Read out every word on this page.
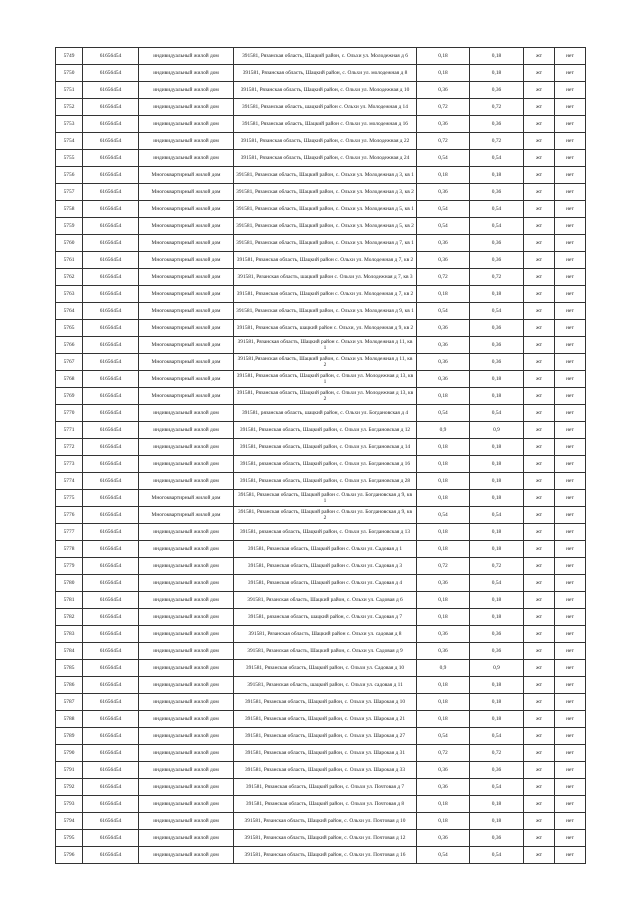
5749	61656454	индивидуальный жилой дом	391581, Рязанская область, Шацкий район, с. Ольхи ул. Молодежная д 6	0,18	0,18	жт	нет
5750	61656454	индивидуальный жилой дом	391581, Рязанская область, Шацкий район, с. Ольхи ул. молодежная д 8	0,18	0,18	жт	нет
5751	61656454	индивидуальный жилой дом	391581, Рязанская область, Шацкий район, с. Ольхи ул. Молодежная д 10	0,36	0,36	жт	нет
5752	61656454	индивидуальный жилой дом	391581, Рязанская область, шацкий район с. Ольхи ул. Молодежная д 14	0,72	0,72	жт	нет
5753	61656454	индивидуальный жилой дом	391581, Рязанская область, Шацкий район с. Ольхи ул. молодежная д 16	0,36	0,36	жт	нет
5754	61656454	индивидуальный жилой дом	391581, Рязанская область, Шацкий район, с. Ольхи ул. Молодежная д 22	0,72	0,72	жт	нет
5755	61656454	индивидуальный жилой дом	391581, Рязанская область, Шацкий район, с. Ольхи ул. Молодежная д 24	0,54	0,54	жт	нет
5756	61656454	Многоквартирный жилой дом	391581, Рязанская область, Шацкий район, с. Ольхи ул. Молодежная д 3, кв 1	0,18	0,18	жт	нет
5757	61656454	Многоквартирный жилой дом	391581, Рязанская область, Шацкий район, с. Ольхи ул. Молодежная д 3, кв 2	0,36	0,36	жт	нет
5758	61656454	Многоквартирный жилой дом	391581, Рязанская область, Шацкий район, с. Ольхи ул. Молодежная д 5, кв 1	0,54	0,54	жт	нет
5759	61656454	Многоквартирный жилой дом	391581, Рязанская область, Шацкий район, с. Ольхи ул. Молодежная д 5, кв 2	0,54	0,54	жт	нет
5760	61656454	Многоквартирный жилой дом	391581, Рязанская область, Шацкий район, с. Ольхи ул. Молодежная д 7, кв 1	0,36	0,36	жт	нет
5761	61656454	Многоквартирный жилой дом	391581, Рязанская область, Шацкий район с. Ольхи ул. Молодежная д 7, кв 2	0,36	0,36	жт	нет
5762	61656454	Многоквартирный жилой дом	391581, Рязанская область, шацкий район с. Ольхи ул. Молодежная д 7, кв 3	0,72	0,72	жт	нет
5763	61656454	Многоквартирный жилой дом	391581, Рязанская область, Шацкий район с. Ольхи ул. Молодежная д 7, кв 2	0,18	0,18	жт	нет
5764	61656454	Многоквартирный жилой дом	391581, Рязанская область, Шацкий район, с. Ольхи ул. Молодежная д 9, кв 1	0,54	0,54	жт	нет
5765	61656454	Многоквартирный жилой дом	391581, Рязанская область, шацкий район с. Ольхи, ул. Молодежная д 9, кв 2	0,36	0,36	жт	нет
5766	61656454	Многоквартирный жилой дом	391581, Рязанская область, Шацкий район с. Ольхи ул. Молодежная д 11, кв 1	0,36	0,36	жт	нет
5767	61656454	Многоквартирный жилой дом	391581,Рязанская область, Шацкий район, с. Ольхи ул. Молодежная д 11, кв 2	0,36	0,36	жт	нет
5768	61656454	Многоквартирный жилой дом	391581, Рязанская область, Шацкий район, с. Ольхи ул. Молодежная д 13, кв 1	0,36	0,18	жт	нет
5769	61656454	Многоквартирный жилой дом	391581, Рязанская область, Шацкий район, с. Ольхи ул. Молодежная д 13, кв 2	0,18	0,18	жт	нет
5770	61656454	индивидуальный жилой дом	391581, рязанская область, шацкий район, с. Ольхи ул. Богдановская д 4	0,54	0,54	жт	нет
5771	61656454	индивидуальный жилой дом	391581, Рязанская область, Шацкий район, с. Ольхи ул. Богдановская д 12	0,9	0,9	жт	нет
5772	61656454	индивидуальный жилой дом	391581, Рязанская область, Шацкий район, с. Ольхи ул. Богдановская д 14	0,18	0,18	жт	нет
5773	61656454	индивидуальный жилой дом	391581, рязанская область, Шацкий район, с. Ольхи ул. Богдановская д 16	0,18	0,18	жт	нет
5774	61656454	индивидуальный жилой дом	391581, Рязанская область, Шацкий район, с. Ольхи ул. Богдановская д 28	0,18	0,18	жт	нет
5775	61656454	Многоквартирный жилой дом	391581, Рязанская область, Шацкий район с. Ольхи ул. Богдановская д 9, кв 1	0,18	0,18	жт	нет
5776	61656454	Многоквартирный жилой дом	391581, Рязанская область, Шацкий район с. Ольхи ул. Богдановская д 9, кв 2	0,54	0,54	жт	нет
5777	61656454	индивидуальный жилой дом	391581, рязанская область, Шацкий район, с. Ольхи ул. Богдановская д 13	0,18	0,18	жт	нет
5778	61656454	индивидуальный жилой дом	391581, Рязанская область, Шацкий район с. Ольхи ул. Садовая д 1	0,18	0,18	жт	нет
5779	61656454	индивидуальный жилой дом	391581, Рязанская область, Шацкий район с. Ольхи ул. Садовая д 3	0,72	0,72	жт	нет
5780	61656454	индивидуальный жилой дом	391581, Рязанская область, Шацкий район с. Ольхи ул. Садовая д 4	0,36	0,54	жт	нет
5781	61656454	индивидуальный жилой дом	391581, Рязанская область, Шацкий район, с. Ольхи ул. Садовая д 6	0,18	0,18	жт	нет
5782	61656454	индивидуальный жилой дом	391581, рязанская область, шацкий район, с. Ольхи ул. Садовая д 7	0,18	0,18	жт	нет
5783	61656454	индивидуальный жилой дом	391581, Рязанская область, Шацкий район с. Ольхи ул. садовая д 8	0,36	0,36	жт	нет
5784	61656454	индивидуальный жилой дом	391581, Рязанская область, Шацкий район, с. Ольхи ул. Садовая д 9	0,36	0,36	жт	нет
5785	61656454	индивидуальный жилой дом	391581, Рязанская область, Шацкий район, с. Ольхи ул. Садовая д 10	0,9	0,9	жт	нет
5786	61656454	индивидуальный жилой дом	391581, Рязанская область, шацкий район, с. Ольхи ул. садовая д 11	0,18	0,18	жт	нет
5787	61656454	индивидуальный жилой дом	391581, Рязанская область, Шацкий район, с. Ольхи ул. Шарокая д 10	0,18	0,18	жт	нет
5788	61656454	индивидуальный жилой дом	391581, Рязанская область, Шацкий район, с. Ольхи ул. Шарокая д 21	0,18	0,18	жт	нет
5789	61656454	индивидуальный жилой дом	391581, Рязанская область, Шацкий район, с. Ольхи ул. Шарокая д 27	0,54	0,54	жт	нет
5790	61656454	индивидуальный жилой дом	391581, Рязанская область, Шацкий район, с. Ольхи ул. Шарокая д 31	0,72	0,72	жт	нет
5791	61656454	индивидуальный жилой дом	391581, Рязанская область, Шацкий район, с. Ольхи ул. Шарокая д 33	0,36	0,36	жт	нет
5792	61656454	индивидуальный жилой дом	391581, Рязанская область, Шацкий район, с. Ольхи ул. Почтовая д 7	0,36	0,54	жт	нет
5793	61656454	индивидуальный жилой дом	391581, Рязанская область, Шацкий район, с. Ольхи ул. Почтовая д 8	0,18	0,18	жт	нет
5794	61656454	индивидуальный жилой дом	391581, Рязанская область, Шацкий район, с. Ольхи ул. Почтовая д 10	0,18	0,18	жт	нет
5795	61656454	индивидуальный жилой дом	391581, Рязанская область, Шацкий район, с. Ольхи ул. Почтовая д 12	0,36	0,36	жт	нет
5796	61656454	индивидуальный жилой дом	391581, Рязанская область, Шацкий район, с. Ольхи ул. Почтовая д 16	0,54	0,54	жт	нет
